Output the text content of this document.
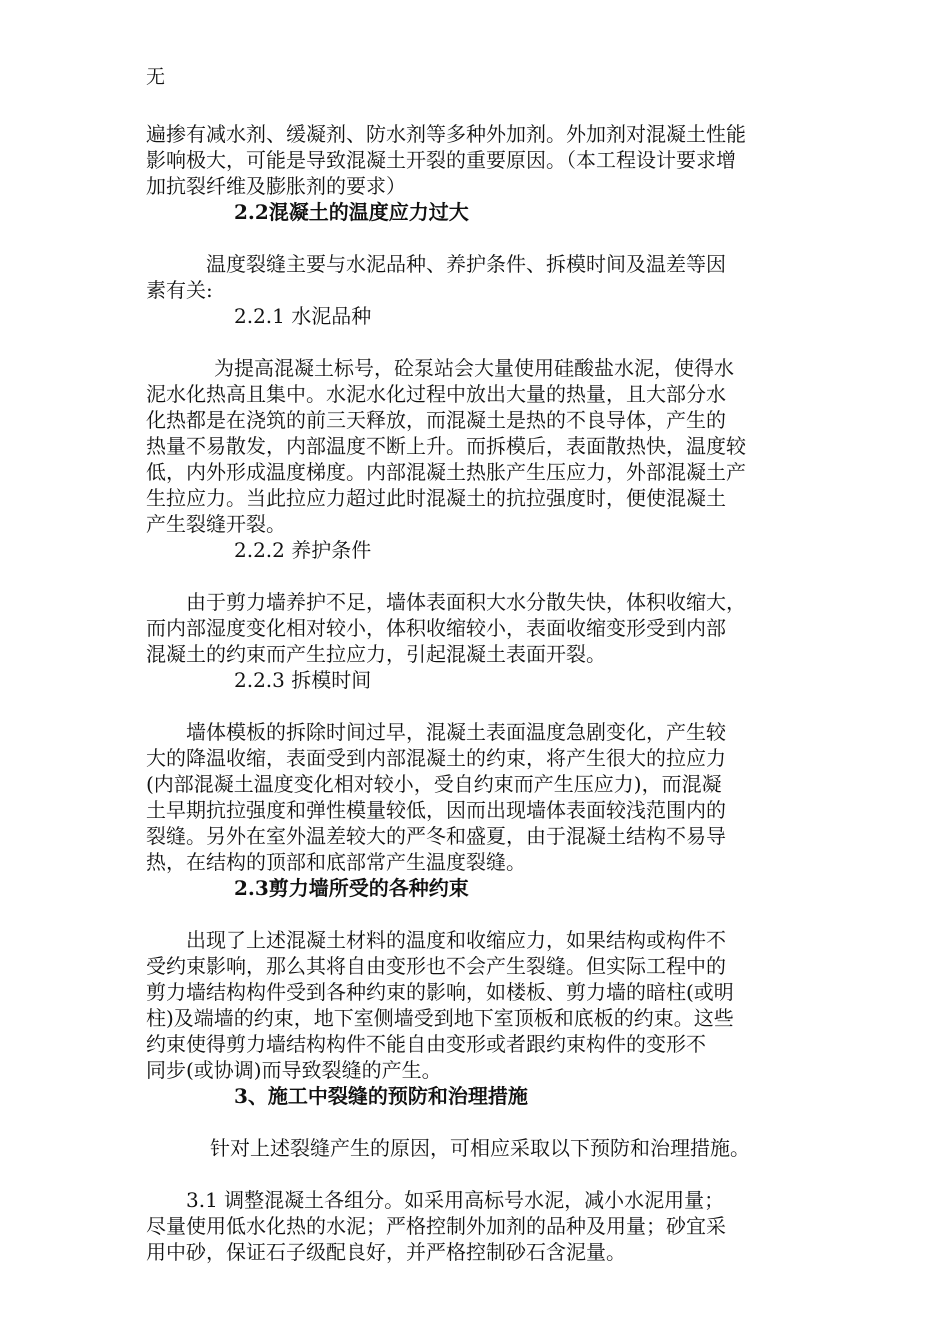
无
遍掺有减水剂、缓凝剂、防水剂等多种外加剂。外加剂对混凝土性能
影响极大，可能是导致混凝土开裂的重要原因。（本工程设计要求增
加抗裂纤维及膨胀剂的要求）
2.2混凝土的温度应力过大
温度裂缝主要与水泥品种、养护条件、拆模时间及温差等因
素有关:
2.2.1 水泥品种
为提高混凝土标号，砼泵站会大量使用硅酸盐水泥，使得水
泥水化热高且集中。水泥水化过程中放出大量的热量，且大部分水
化热都是在浇筑的前三天释放，而混凝土是热的不良导体，产生的
热量不易散发，内部温度不断上升。而拆模后，表面散热快，温度较
低，内外形成温度梯度。内部混凝土热胀产生压应力，外部混凝土产
生拉应力。当此拉应力超过此时混凝土的抗拉强度时，便使混凝土
产生裂缝开裂。
2.2.2 养护条件
由于剪力墙养护不足，墙体表面积大水分散失快，体积收缩大，
而内部湿度变化相对较小，体积收缩较小，表面收缩变形受到内部
混凝土的约束而产生拉应力，引起混凝土表面开裂。
2.2.3 拆模时间
墙体模板的拆除时间过早，混凝土表面温度急剧变化，产生较
大的降温收缩，表面受到内部混凝土的约束，将产生很大的拉应力
(内部混凝土温度变化相对较小，受自约束而产生压应力)，而混凝
土早期抗拉强度和弹性模量较低，因而出现墙体表面较浅范围内的
裂缝。另外在室外温差较大的严冬和盛夏，由于混凝土结构不易导
热，在结构的顶部和底部常产生温度裂缝。
2.3剪力墙所受的各种约束
出现了上述混凝土材料的温度和收缩应力，如果结构或构件不
受约束影响，那么其将自由变形也不会产生裂缝。但实际工程中的
剪力墙结构构件受到各种约束的影响，如楼板、剪力墙的暗柱(或明
柱)及端墙的约束，地下室侧墙受到地下室顶板和底板的约束。这些
约束使得剪力墙结构构件不能自由变形或者跟约束构件的变形不
同步(或协调)而导致裂缝的产生。
3、施工中裂缝的预防和治理措施
针对上述裂缝产生的原因，可相应采取以下预防和治理措施。
3.1 调整混凝土各组分。如采用高标号水泥，减小水泥用量；
尽量使用低水化热的水泥；严格控制外加剂的品种及用量；砂宜采
用中砂，保证石子级配良好，并严格控制砂石含泥量。
